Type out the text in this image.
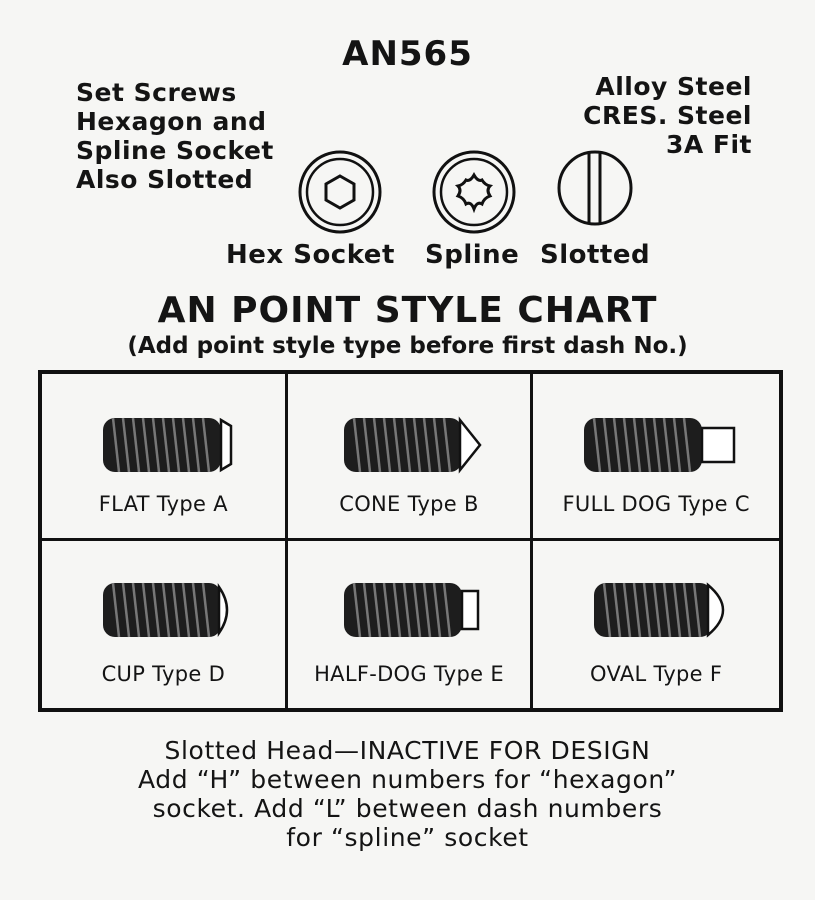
AN565
Set Screws
Hexagon and
Spline Socket
Also Slotted
Alloy Steel
CRES. Steel
3A Fit
Hex Socket Spline Slotted
AN POINT STYLE CHART
(Add point style type before first dash No.)
FLAT Type A	CONE Type B	FULL DOG Type C
CUP Type D	HALF-DOG Type E	OVAL Type F
Slotted Head—INACTIVE FOR DESIGN
Add “H” between numbers for “hexagon”
socket. Add “L” between dash numbers
for “spline” socket
